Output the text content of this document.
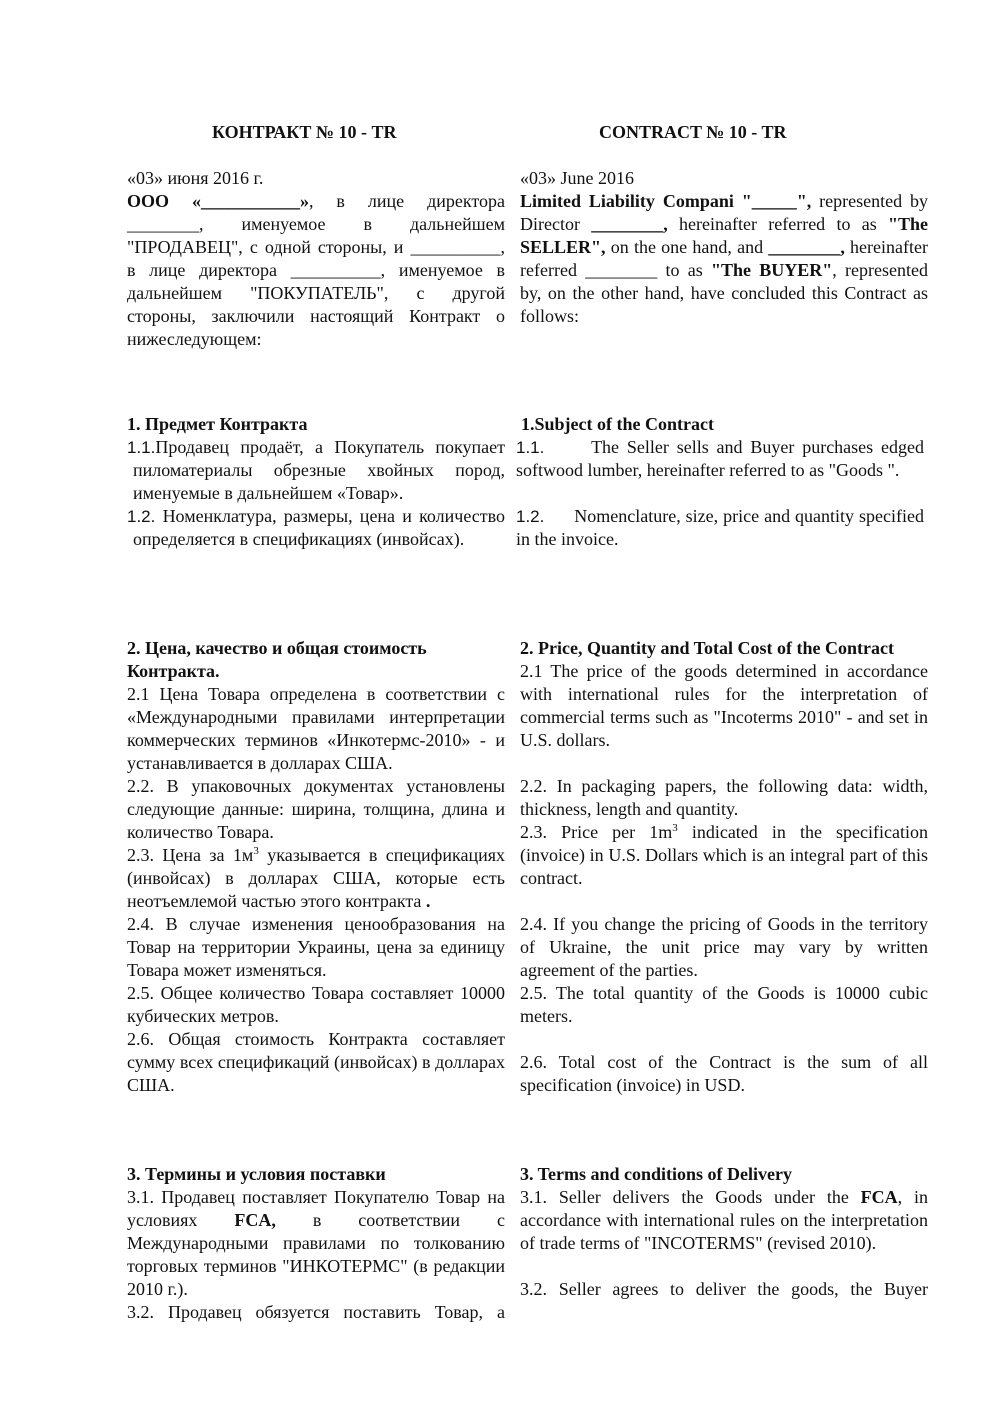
КОНТРАКТ № 10 - TR	CONTRACT № 10 - TR

«03» июня 2016 г.

ООО «___________», в лице директора ________, именуемое в дальнейшем "ПРОДАВЕЦ", с одной стороны, и __________, в лице директора __________, именуемое в дальнейшем "ПОКУПАТЕЛЬ", с другой стороны, заключили настоящий Контракт о нижеследующем:

«03» June 2016

Limited Liability Compani "_____", represented by Director ________, hereinafter referred to as "The SELLER", on the one hand, and ________, hereinafter referred ________ to as "The BUYER", represented by, on the other hand, have concluded this Contract as follows:

1. Предмет Контракта

1.1.Продавец продаёт, а Покупатель покупает пиломатериалы обрезные хвойных пород, именуемые в дальнейшем «Товар».

1.2. Номенклатура, размеры, цена и количество определяется в спецификациях (инвойсах).

1.Subject of the Contract

1.1.	The Seller sells and Buyer purchases edged softwood lumber, hereinafter referred to as "Goods ".

1.2. Nomenclature, size, price and quantity specified in the invoice.

2. Цена, качество и общая стоимость Контракта.

2.1 Цена Товара определена в соответствии с «Международными правилами интерпретации коммерческих терминов «Инкотермс-2010» - и устанавливается в долларах США.

2.2. В упаковочных документах установлены следующие данные: ширина, толщина, длина и количество Товара.

2.3. Цена за $1м^3$ указывается в спецификациях (инвойсах) в долларах США, которые есть неотъемлемой частью этого контракта .

2.4. В случае изменения ценообразования на Товар на территории Украины, цена за единицу Товара может изменяться.

2.5. Общее количество Товара составляет 10000 кубических метров.

2.6. Общая стоимость Контракта составляет сумму всех спецификаций (инвойсах) в долларах США.

2. Price, Quantity and Total Cost of the Contract

2.1 The price of the goods determined in accordance with international rules for the interpretation of commercial terms such as "Incoterms 2010" - and set in U.S. dollars.

2.2. In packaging papers, the following data: width, thickness, length and quantity.

2.3. Price per $1m^3$ indicated in the specification (invoice) in U.S. Dollars which is an integral part of this contract.

2.4. If you change the pricing of Goods in the territory of Ukraine, the unit price may vary by written agreement of the parties.

2.5. The total quantity of the Goods is 10000 cubic meters.

2.6. Total cost of the Contract is the sum of all specification (invoice) in USD.

3. Термины и условия поставки

3.1. Продавец поставляет Покупателю Товар на условиях FCA, в соответствии с Международными правилами по толкованию торговых терминов "ИНКОТЕРМС" (в редакции 2010 г.).

3.2. Продавец обязуется поставить Товар, а

3. Terms and conditions of Delivery

3.1. Seller delivers the Goods under the FCA, in accordance with international rules on the interpretation of trade terms of "INCOTERMS" (revised 2010).

3.2. Seller agrees to deliver the goods, the Buyer
